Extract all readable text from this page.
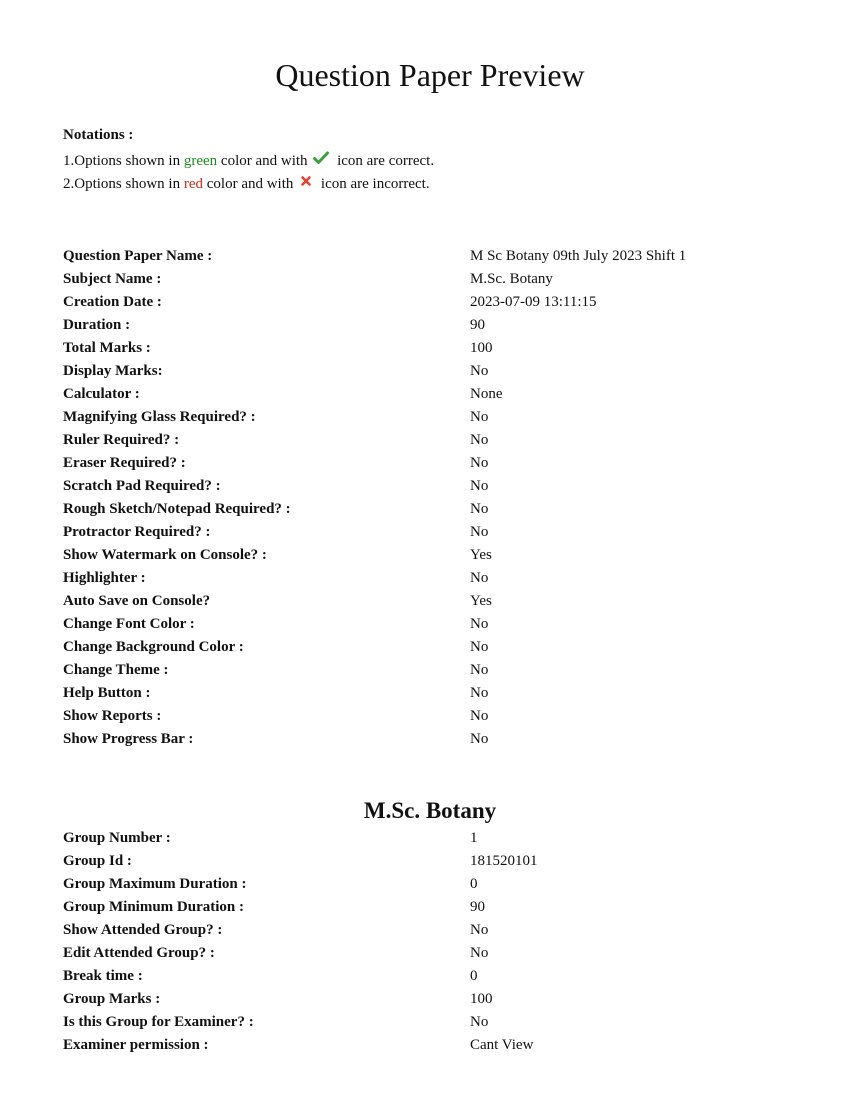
Question Paper Preview
Notations :
1.Options shown in green color and with  icon are correct.
2.Options shown in red color and with  icon are incorrect.
Question Paper Name :	M Sc Botany 09th July 2023 Shift 1
Subject Name :	M.Sc. Botany
Creation Date :	2023-07-09 13:11:15
Duration :	90
Total Marks :	100
Display Marks:	No
Calculator :	None
Magnifying Glass Required? :	No
Ruler Required? :	No
Eraser Required? :	No
Scratch Pad Required? :	No
Rough Sketch/Notepad Required? :	No
Protractor Required? :	No
Show Watermark on Console? :	Yes
Highlighter :	No
Auto Save on Console?	Yes
Change Font Color :	No
Change Background Color :	No
Change Theme :	No
Help Button :	No
Show Reports :	No
Show Progress Bar :	No
M.Sc. Botany
Group Number :	1
Group Id :	181520101
Group Maximum Duration :	0
Group Minimum Duration :	90
Show Attended Group? :	No
Edit Attended Group? :	No
Break time :	0
Group Marks :	100
Is this Group for Examiner? :	No
Examiner permission :	Cant View
